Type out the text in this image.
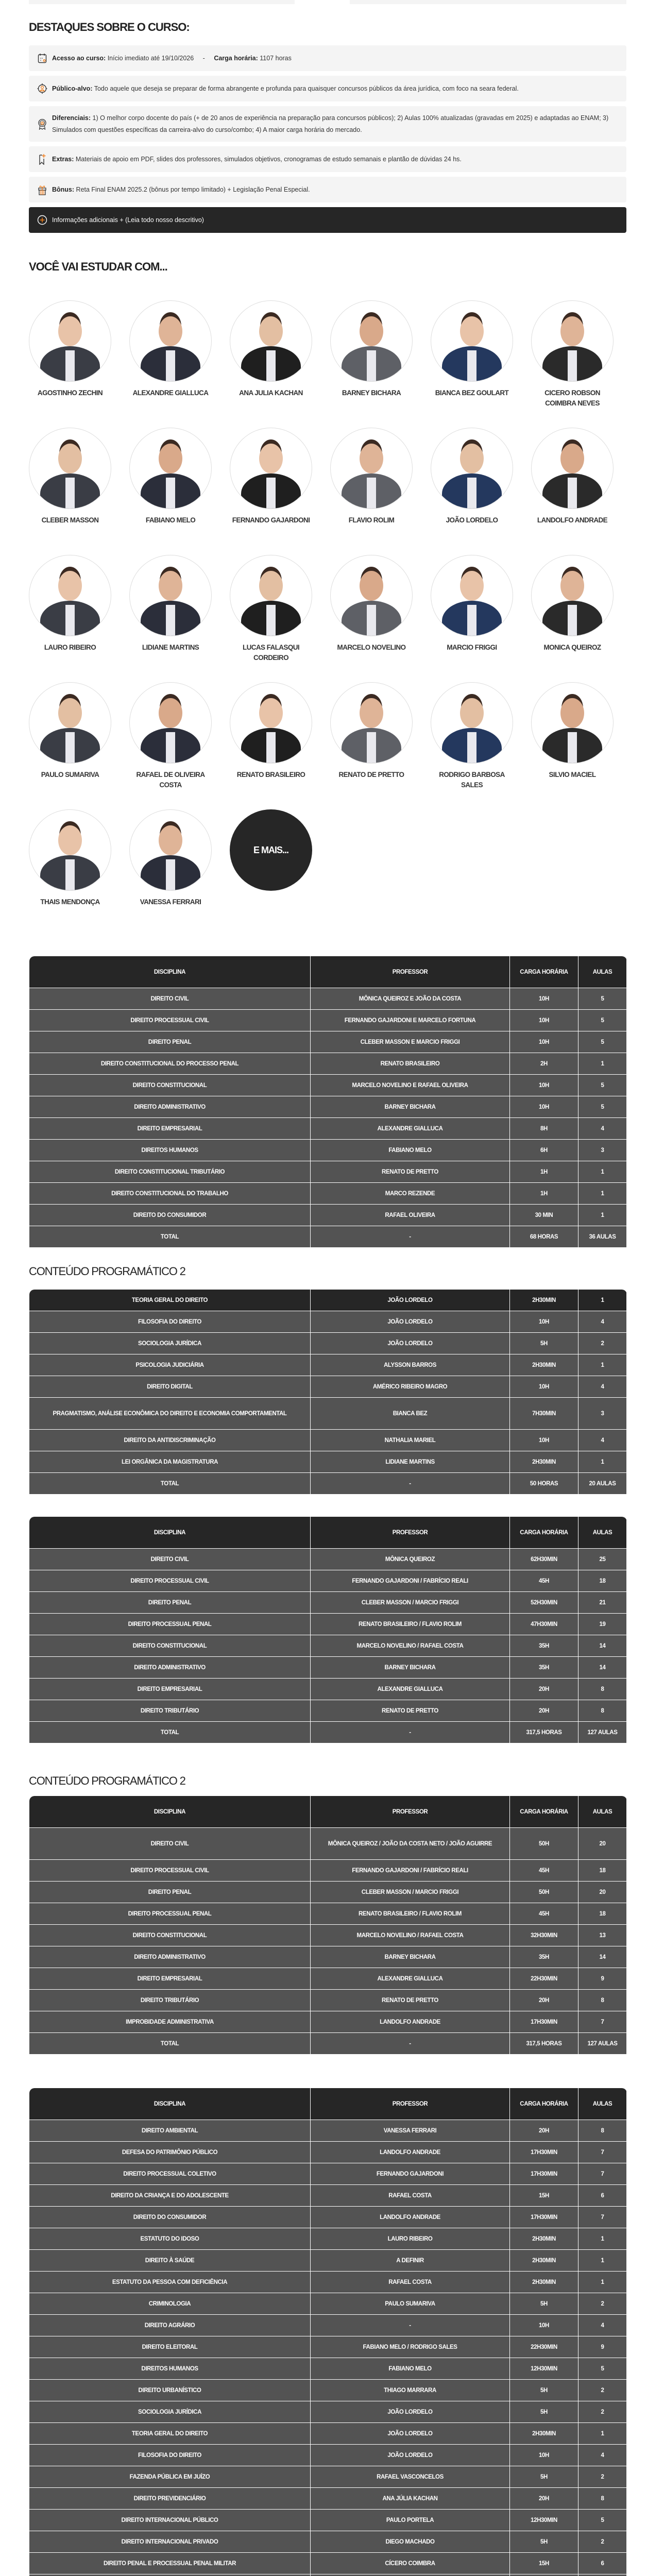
DESTAQUES SOBRE O CURSO:
Acesso ao curso: Início imediato até 19/10/2026 - Carga horária: 1107 horas
Público-alvo: Todo aquele que deseja se preparar de forma abrangente e profunda para quaisquer concursos públicos da área jurídica, com foco na seara federal.
Diferenciais: 1) O melhor corpo docente do país (+ de 20 anos de experiência na preparação para concursos públicos); 2) Aulas 100% atualizadas (gravadas em 2025) e adaptadas ao ENAM; 3) Simulados com questões específicas da carreira-alvo do curso/combo; 4) A maior carga horária do mercado.
Extras: Materiais de apoio em PDF, slides dos professores, simulados objetivos, cronogramas de estudo semanais e plantão de dúvidas 24 hs.
Bônus: Reta Final ENAM 2025.2 (bônus por tempo limitado) + Legislação Penal Especial.
Informações adicionais + (Leia todo nosso descritivo)
VOCÊ VAI ESTUDAR COM...
AGOSTINHO ZECHIN	ALEXANDRE GIALLUCA	ANA JULIA KACHAN	BARNEY BICHARA	BIANCA BEZ GOULART	CICERO ROBSON COIMBRA NEVES
CLEBER MASSON	FABIANO MELO	FERNANDO GAJARDONI	FLAVIO ROLIM	JOÃO LORDELO	LANDOLFO ANDRADE
LAURO RIBEIRO	LIDIANE MARTINS	LUCAS FALASQUI CORDEIRO
MARCELO NOVELINO	MARCIO FRIGGI	MONICA QUEIROZ
PAULO SUMARIVA	RAFAEL DE OLIVEIRA COSTA
RENATO BRASILEIRO	RENATO DE PRETTO	RODRIGO BARBOSA SALES
SILVIO MACIEL
THAIS MENDONÇA	VANESSA FERRARI
E MAIS...
DISCIPLINA	PROFESSOR	CARGA HORÁRIA	AULAS
DIREITO CIVIL	MÔNICA QUEIROZ E JOÃO DA COSTA	10H	5
DIREITO PROCESSUAL CIVIL	FERNANDO GAJARDONI E MARCELO FORTUNA	10H	5
DIREITO PENAL	CLEBER MASSON E MARCIO FRIGGI	10H	5
DIREITO CONSTITUCIONAL DO PROCESSO PENAL	RENATO BRASILEIRO	2H	1
DIREITO CONSTITUCIONAL	MARCELO NOVELINO E RAFAEL OLIVEIRA	10H	5
DIREITO ADMINISTRATIVO	BARNEY BICHARA	10H	5
DIREITO EMPRESARIAL	ALEXANDRE GIALLUCA	8H	4
DIREITOS HUMANOS	FABIANO MELO	6H	3
DIREITO CONSTITUCIONAL TRIBUTÁRIO	RENATO DE PRETTO	1H	1
DIREITO CONSTITUCIONAL DO TRABALHO	MARCO REZENDE	1H	1
DIREITO DO CONSUMIDOR	RAFAEL OLIVEIRA	30 MIN	1
TOTAL	-	68 HORAS	36 AULAS
CONTEÚDO PROGRAMÁTICO 2
TEORIA GERAL DO DIREITO	JOÃO LORDELO	2H30MIN	1
FILOSOFIA DO DIREITO	JOÃO LORDELO	10H	4
SOCIOLOGIA JURÍDICA	JOÃO LORDELO	5H	2
PSICOLOGIA JUDICIÁRIA	ALYSSON BARROS	2H30MIN	1
DIREITO DIGITAL	AMÉRICO RIBEIRO MAGRO	10H	4
PRAGMATISMO, ANÁLISE ECONÔMICA DO DIREITO E ECONOMIA COMPORTAMENTAL	BIANCA BEZ	7H30MIN	3
DIREITO DA ANTIDISCRIMINAÇÃO	NATHALIA MARIEL	10H	4
LEI ORGÂNICA DA MAGISTRATURA	LIDIANE MARTINS	2H30MIN	1
TOTAL	-	50 HORAS	20 AULAS
DISCIPLINA	PROFESSOR	CARGA HORÁRIA	AULAS
DIREITO CIVIL	MÔNICA QUEIROZ	62H30MIN	25
DIREITO PROCESSUAL CIVIL	FERNANDO GAJARDONI / FABRÍCIO REALI	45H	18
DIREITO PENAL	CLEBER MASSON / MARCIO FRIGGI	52H30MIN	21
DIREITO PROCESSUAL PENAL	RENATO BRASILEIRO / FLAVIO ROLIM	47H30MIN	19
DIREITO CONSTITUCIONAL	MARCELO NOVELINO / RAFAEL COSTA	35H	14
DIREITO ADMINISTRATIVO	BARNEY BICHARA	35H	14
DIREITO EMPRESARIAL	ALEXANDRE GIALLUCA	20H	8
DIREITO TRIBUTÁRIO	RENATO DE PRETTO	20H	8
TOTAL	-	317,5 HORAS	127 AULAS
CONTEÚDO PROGRAMÁTICO 2
DISCIPLINA	PROFESSOR	CARGA HORÁRIA	AULAS
DIREITO CIVIL	MÔNICA QUEIROZ / JOÃO DA COSTA NETO / JOÃO AGUIRRE	50H	20
DIREITO PROCESSUAL CIVIL	FERNANDO GAJARDONI / FABRÍCIO REALI	45H	18
DIREITO PENAL	CLEBER MASSON / MARCIO FRIGGI	50H	20
DIREITO PROCESSUAL PENAL	RENATO BRASILEIRO / FLAVIO ROLIM	45H	18
DIREITO CONSTITUCIONAL	MARCELO NOVELINO / RAFAEL COSTA	32H30MIN	13
DIREITO ADMINISTRATIVO	BARNEY BICHARA	35H	14
DIREITO EMPRESARIAL	ALEXANDRE GIALLUCA	22H30MIN	9
DIREITO TRIBUTÁRIO	RENATO DE PRETTO	20H	8
IMPROBIDADE ADMINISTRATIVA	LANDOLFO ANDRADE	17H30MIN	7
TOTAL	-	317,5 HORAS	127 AULAS
DISCIPLINA	PROFESSOR	CARGA HORÁRIA	AULAS
DIREITO AMBIENTAL	VANESSA FERRARI	20H	8
DEFESA DO PATRIMÔNIO PÚBLICO	LANDOLFO ANDRADE	17H30MIN	7
DIREITO PROCESSUAL COLETIVO	FERNANDO GAJARDONI	17H30MIN	7
DIREITO DA CRIANÇA E DO ADOLESCENTE	RAFAEL COSTA	15H	6
DIREITO DO CONSUMIDOR	LANDOLFO ANDRADE	17H30MIN	7
ESTATUTO DO IDOSO	LAURO RIBEIRO	2H30MIN	1
DIREITO À SAÚDE	A DEFINIR	2H30MIN	1
ESTATUTO DA PESSOA COM DEFICIÊNCIA	RAFAEL COSTA	2H30MIN	1
CRIMINOLOGIA	PAULO SUMARIVA	5H	2
DIREITO AGRÁRIO	-	10H	4
DIREITO ELEITORAL	FABIANO MELO / RODRIGO SALES	22H30MIN	9
DIREITOS HUMANOS	FABIANO MELO	12H30MIN	5
DIREITO URBANÍSTICO	THIAGO MARRARA	5H	2
SOCIOLOGIA JURÍDICA	JOÃO LORDELO	5H	2
TEORIA GERAL DO DIREITO	JOÃO LORDELO	2H30MIN	1
FILOSOFIA DO DIREITO	JOÃO LORDELO	10H	4
FAZENDA PÚBLICA EM JUÍZO	RAFAEL VASCONCELOS	5H	2
DIREITO PREVIDENCIÁRIO	ANA JÚLIA KACHAN	20H	8
DIREITO INTERNACIONAL PÚBLICO	PAULO PORTELA	12H30MIN	5
DIREITO INTERNACIONAL PRIVADO	DIEGO MACHADO	5H	2
DIREITO PENAL E PROCESSUAL PENAL MILITAR	CÍCERO COIMBRA	15H	6
